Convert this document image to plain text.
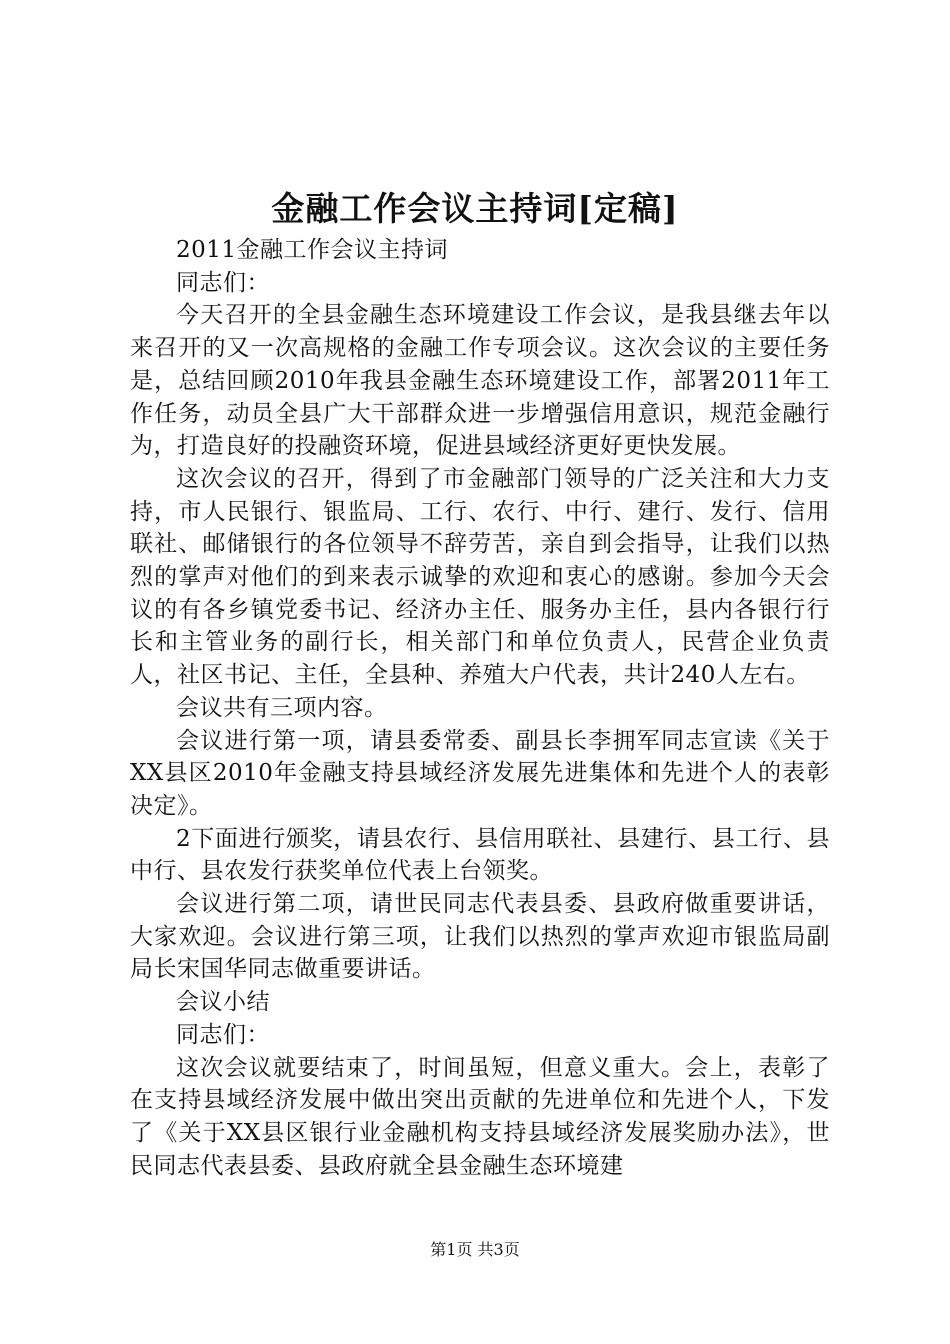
金融工作会议主持词[定稿]

2011金融工作会议主持词

同志们：

今天召开的全县金融生态环境建设工作会议，是我县继去年以来召开的又一次高规格的金融工作专项会议。这次会议的主要任务是，总结回顾2010年我县金融生态环境建设工作，部署2011年工作任务，动员全县广大干部群众进一步增强信用意识，规范金融行为，打造良好的投融资环境，促进县域经济更好更快发展。

这次会议的召开，得到了市金融部门领导的广泛关注和大力支持，市人民银行、银监局、工行、农行、中行、建行、发行、信用联社、邮储银行的各位领导不辞劳苦，亲自到会指导，让我们以热烈的掌声对他们的到来表示诚挚的欢迎和衷心的感谢。参加今天会议的有各乡镇党委书记、经济办主任、服务办主任，县内各银行行长和主管业务的副行长，相关部门和单位负责人，民营企业负责人，社区书记、主任，全县种、养殖大户代表，共计240人左右。

会议共有三项内容。

会议进行第一项，请县委常委、副县长李拥军同志宣读《关于XX县区2010年金融支持县域经济发展先进集体和先进个人的表彰决定》。

2下面进行颁奖，请县农行、县信用联社、县建行、县工行、县中行、县农发行获奖单位代表上台领奖。

会议进行第二项，请世民同志代表县委、县政府做重要讲话，大家欢迎。会议进行第三项，让我们以热烈的掌声欢迎市银监局副局长宋国华同志做重要讲话。

会议小结

同志们：

这次会议就要结束了，时间虽短，但意义重大。会上，表彰了在支持县域经济发展中做出突出贡献的先进单位和先进个人，下发了《关于XX县区银行业金融机构支持县域经济发展奖励办法》，世民同志代表县委、县政府就全县金融生态环境建

第1页 共3页
